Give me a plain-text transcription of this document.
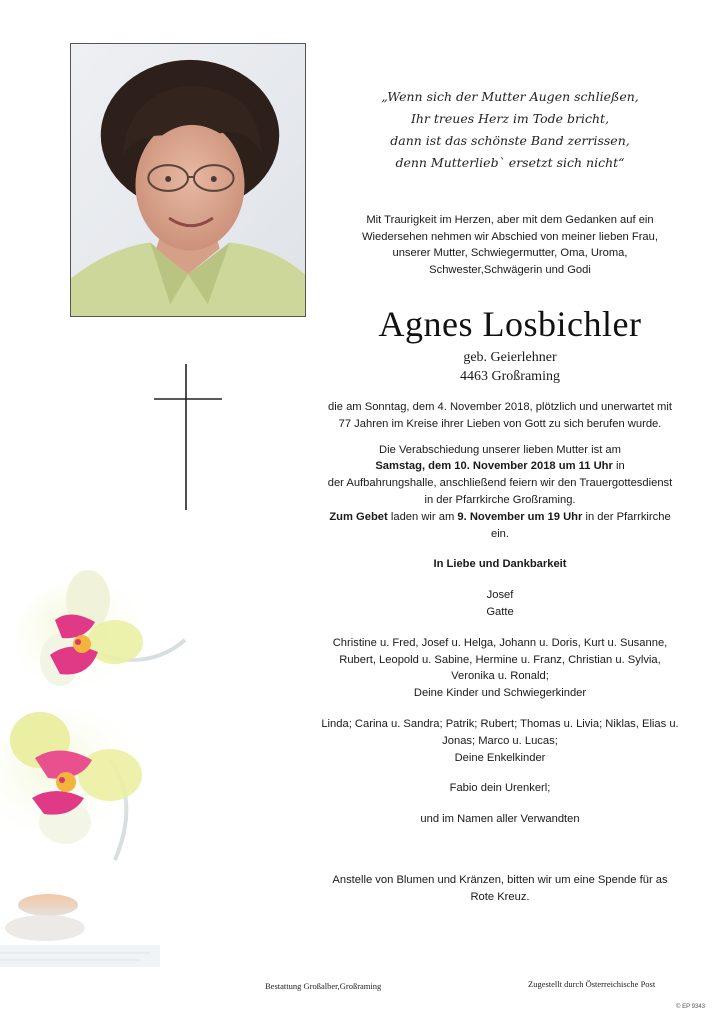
„Wenn sich der Mutter Augen schließen,
Ihr treues Herz im Tode bricht,
dann ist das schönste Band zerrissen,
denn Mutterlieb` ersetzt sich nicht“
Mit Traurigkeit im Herzen, aber mit dem Gedanken auf ein
Wiedersehen nehmen wir Abschied von meiner lieben Frau,
unserer Mutter, Schwiegermutter, Oma, Uroma,
Schwester,Schwägerin und Godi
Agnes Losbichler
geb. Geierlehner
4463 Großraming
die am Sonntag, dem 4. November 2018, plötzlich und unerwartet mit
77 Jahren im Kreise ihrer Lieben von Gott zu sich berufen wurde.
Die Verabschiedung unserer lieben Mutter ist am
Samstag, dem 10. November 2018 um 11 Uhr in
der Aufbahrungshalle, anschließend feiern wir den Trauergottesdienst
in der Pfarrkirche Großraming.
Zum Gebet laden wir am 9. November um 19 Uhr in der Pfarrkirche
ein.
In Liebe und Dankbarkeit
Josef
Gatte
Christine u. Fred, Josef u. Helga, Johann u. Doris, Kurt u. Susanne,
Rubert, Leopold u. Sabine, Hermine u. Franz, Christian u. Sylvia,
Veronika u. Ronald;
Deine Kinder und Schwiegerkinder
Linda; Carina u. Sandra; Patrik; Rubert; Thomas u. Livia; Niklas, Elias u.
Jonas; Marco u. Lucas;
Deine Enkelkinder
Fabio dein Urenkerl;
und im Namen aller Verwandten
Anstelle von Blumen und Kränzen, bitten wir um eine Spende für as
Rote Kreuz.
Bestattung Großalber,Großraming	Zugestellt durch Österreichische Post
© EP 9343
